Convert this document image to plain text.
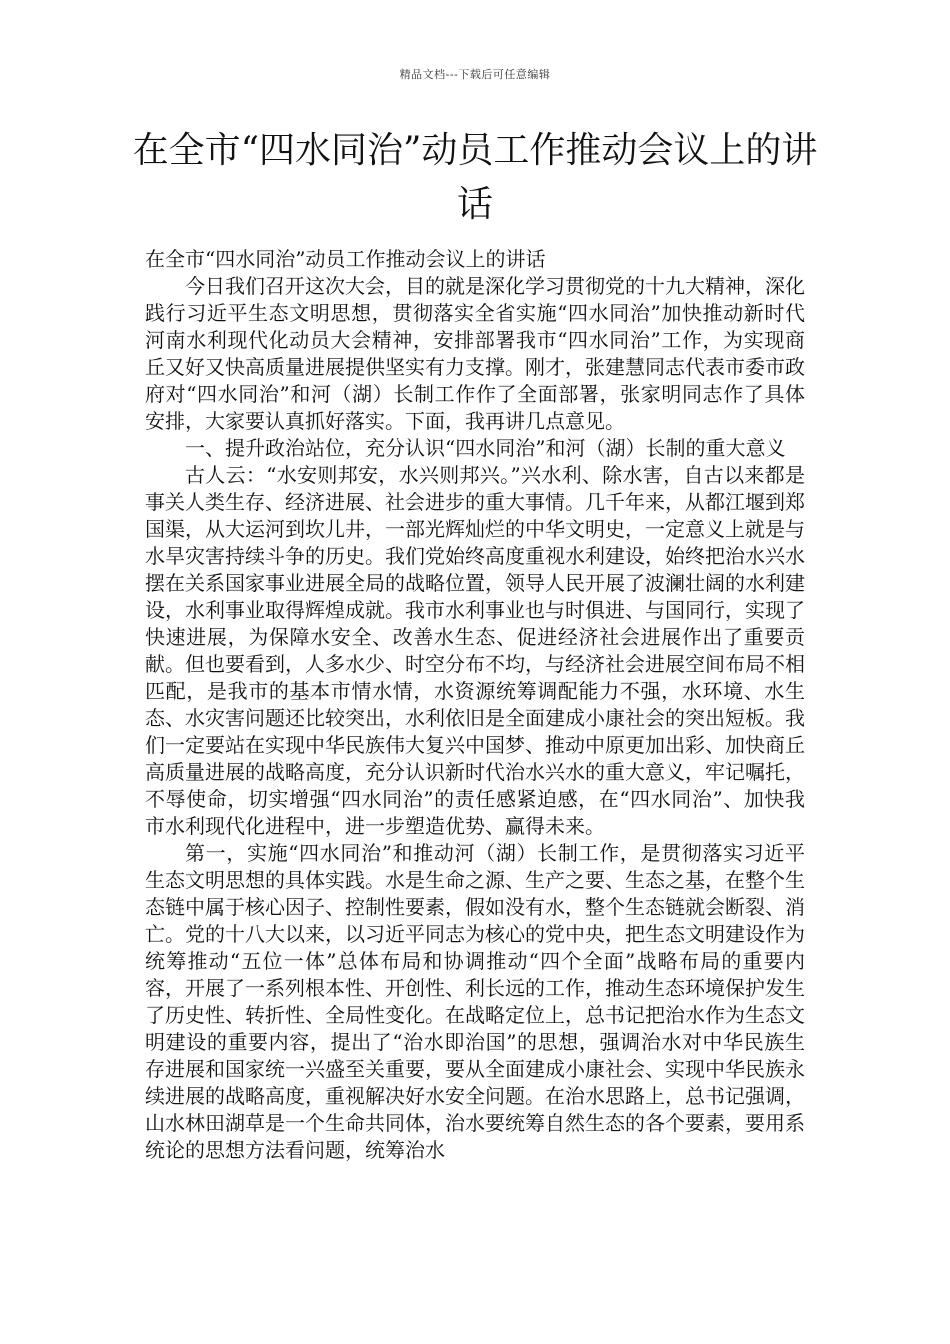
精品文档---下载后可任意编辑
在全市“四水同治”动员工作推动会议上的讲话

在全市“四水同治”动员工作推动会议上的讲话

今日我们召开这次大会，目的就是深化学习贯彻党的十九大精神，深化践行习近平生态文明思想，贯彻落实全省实施“四水同治”加快推动新时代河南水利现代化动员大会精神，安排部署我市“四水同治”工作，为实现商丘又好又快高质量进展提供坚实有力支撑。刚才，张建慧同志代表市委市政府对“四水同治”和河（湖）长制工作作了全面部署，张家明同志作了具体安排，大家要认真抓好落实。下面，我再讲几点意见。

一、提升政治站位，充分认识“四水同治”和河（湖）长制的重大意义

古人云：“水安则邦安，水兴则邦兴。”兴水利、除水害，自古以来都是事关人类生存、经济进展、社会进步的重大事情。几千年来，从都江堰到郑国渠，从大运河到坎儿井，一部光辉灿烂的中华文明史，一定意义上就是与水旱灾害持续斗争的历史。我们党始终高度重视水利建设，始终把治水兴水摆在关系国家事业进展全局的战略位置，领导人民开展了波澜壮阔的水利建设，水利事业取得辉煌成就。我市水利事业也与时俱进、与国同行，实现了快速进展，为保障水安全、改善水生态、促进经济社会进展作出了重要贡献。但也要看到，人多水少、时空分布不均，与经济社会进展空间布局不相匹配，是我市的基本市情水情，水资源统筹调配能力不强，水环境、水生态、水灾害问题还比较突出，水利依旧是全面建成小康社会的突出短板。我们一定要站在实现中华民族伟大复兴中国梦、推动中原更加出彩、加快商丘高质量进展的战略高度，充分认识新时代治水兴水的重大意义，牢记嘱托，不辱使命，切实增强“四水同治”的责任感紧迫感，在“四水同治”、加快我市水利现代化进程中，进一步塑造优势、赢得未来。

第一，实施“四水同治”和推动河（湖）长制工作，是贯彻落实习近平生态文明思想的具体实践。水是生命之源、生产之要、生态之基，在整个生态链中属于核心因子、控制性要素，假如没有水，整个生态链就会断裂、消亡。党的十八大以来，以习近平同志为核心的党中央，把生态文明建设作为统筹推动“五位一体”总体布局和协调推动“四个全面”战略布局的重要内容，开展了一系列根本性、开创性、利长远的工作，推动生态环境保护发生了历史性、转折性、全局性变化。在战略定位上，总书记把治水作为生态文明建设的重要内容，提出了“治水即治国”的思想，强调治水对中华民族生存进展和国家统一兴盛至关重要，要从全面建成小康社会、实现中华民族永续进展的战略高度，重视解决好水安全问题。在治水思路上，总书记强调，山水林田湖草是一个生命共同体，治水要统筹自然生态的各个要素，要用系统论的思想方法看问题，统筹治水
